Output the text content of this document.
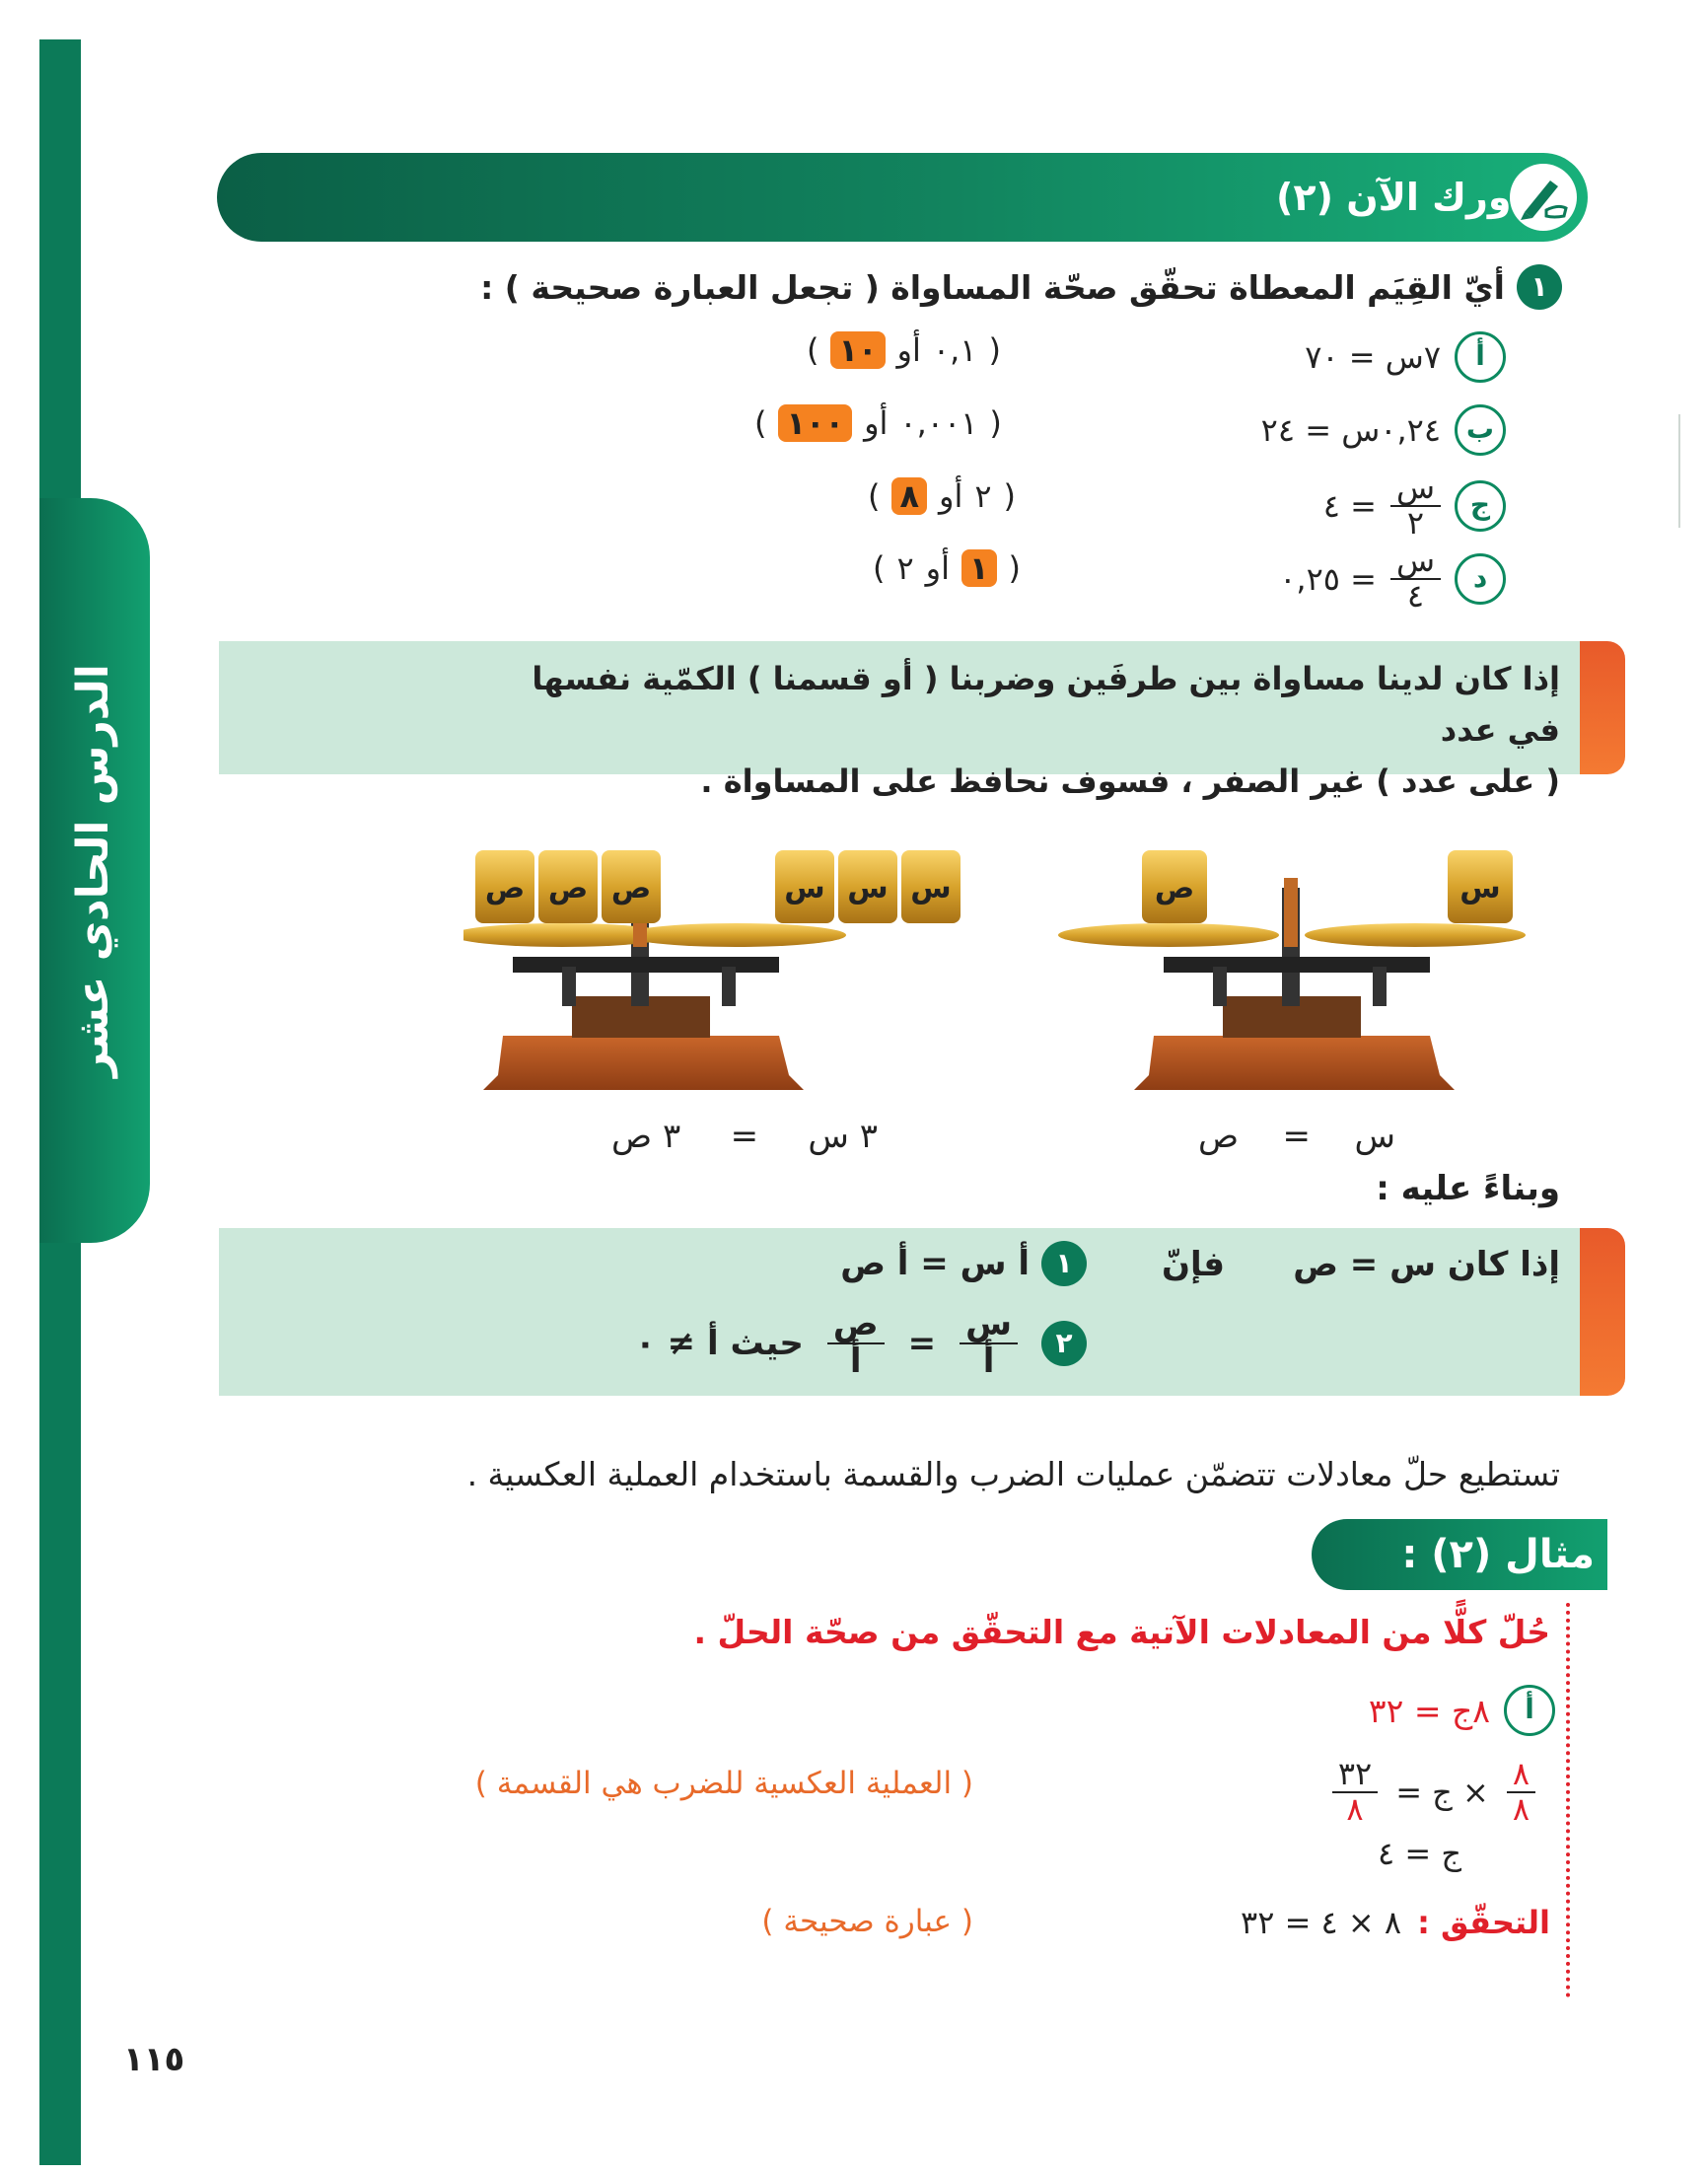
الدرس الحادي عشر
دورك الآن (٢)
١
أيّ القِيَم المعطاة تحقّق صحّة المساواة ( تجعل العبارة صحيحة ) :
أ
٧س = ٧٠
(
٠,١
أو
١٠
)
ب
٠,٢٤س = ٢٤
(
٠,٠٠١
أو
١٠٠
)
ج
$\frac{\text{س}}{٢}$
= ٤
(
٢
أو
٨
)
د
$\frac{\text{س}}{٤}$
= ٠,٢٥
(
١
أو
٢
)
إذا كان لدينا مساواة بين طرفَين وضربنا ( أو قسمنا ) الكمّية نفسها في عدد
( على عدد ) غير الصفر ، فسوف نحافظ على المساواة .
ص ص ص	س س س	ص	س
٣ س
=
٣ ص	س
=
ص
وبناءً عليه :
إذا كان س = ص
فإنّ
١
أ س = أ ص
٢
$\frac{\text{س}}{\text{أ}}$
=
$\frac{\text{ص}}{\text{أ}}$
حيث أ ≠ ٠
تستطيع حلّ معادلات تتضمّن عمليات الضرب والقسمة باستخدام العملية العكسية .
مثال (٢) :
حُلّ كلًّا من المعادلات الآتية مع التحقّق من صحّة الحلّ .
أ
٨ج = ٣٢
$\frac{٨}{٨}$
× ج =
$\frac{٣٢}{٨}$
( العملية العكسية للضرب هي القسمة )
ج = ٤
التحقّق :
٨ × ٤ = ٣٢
( عبارة صحيحة )
١١٥
